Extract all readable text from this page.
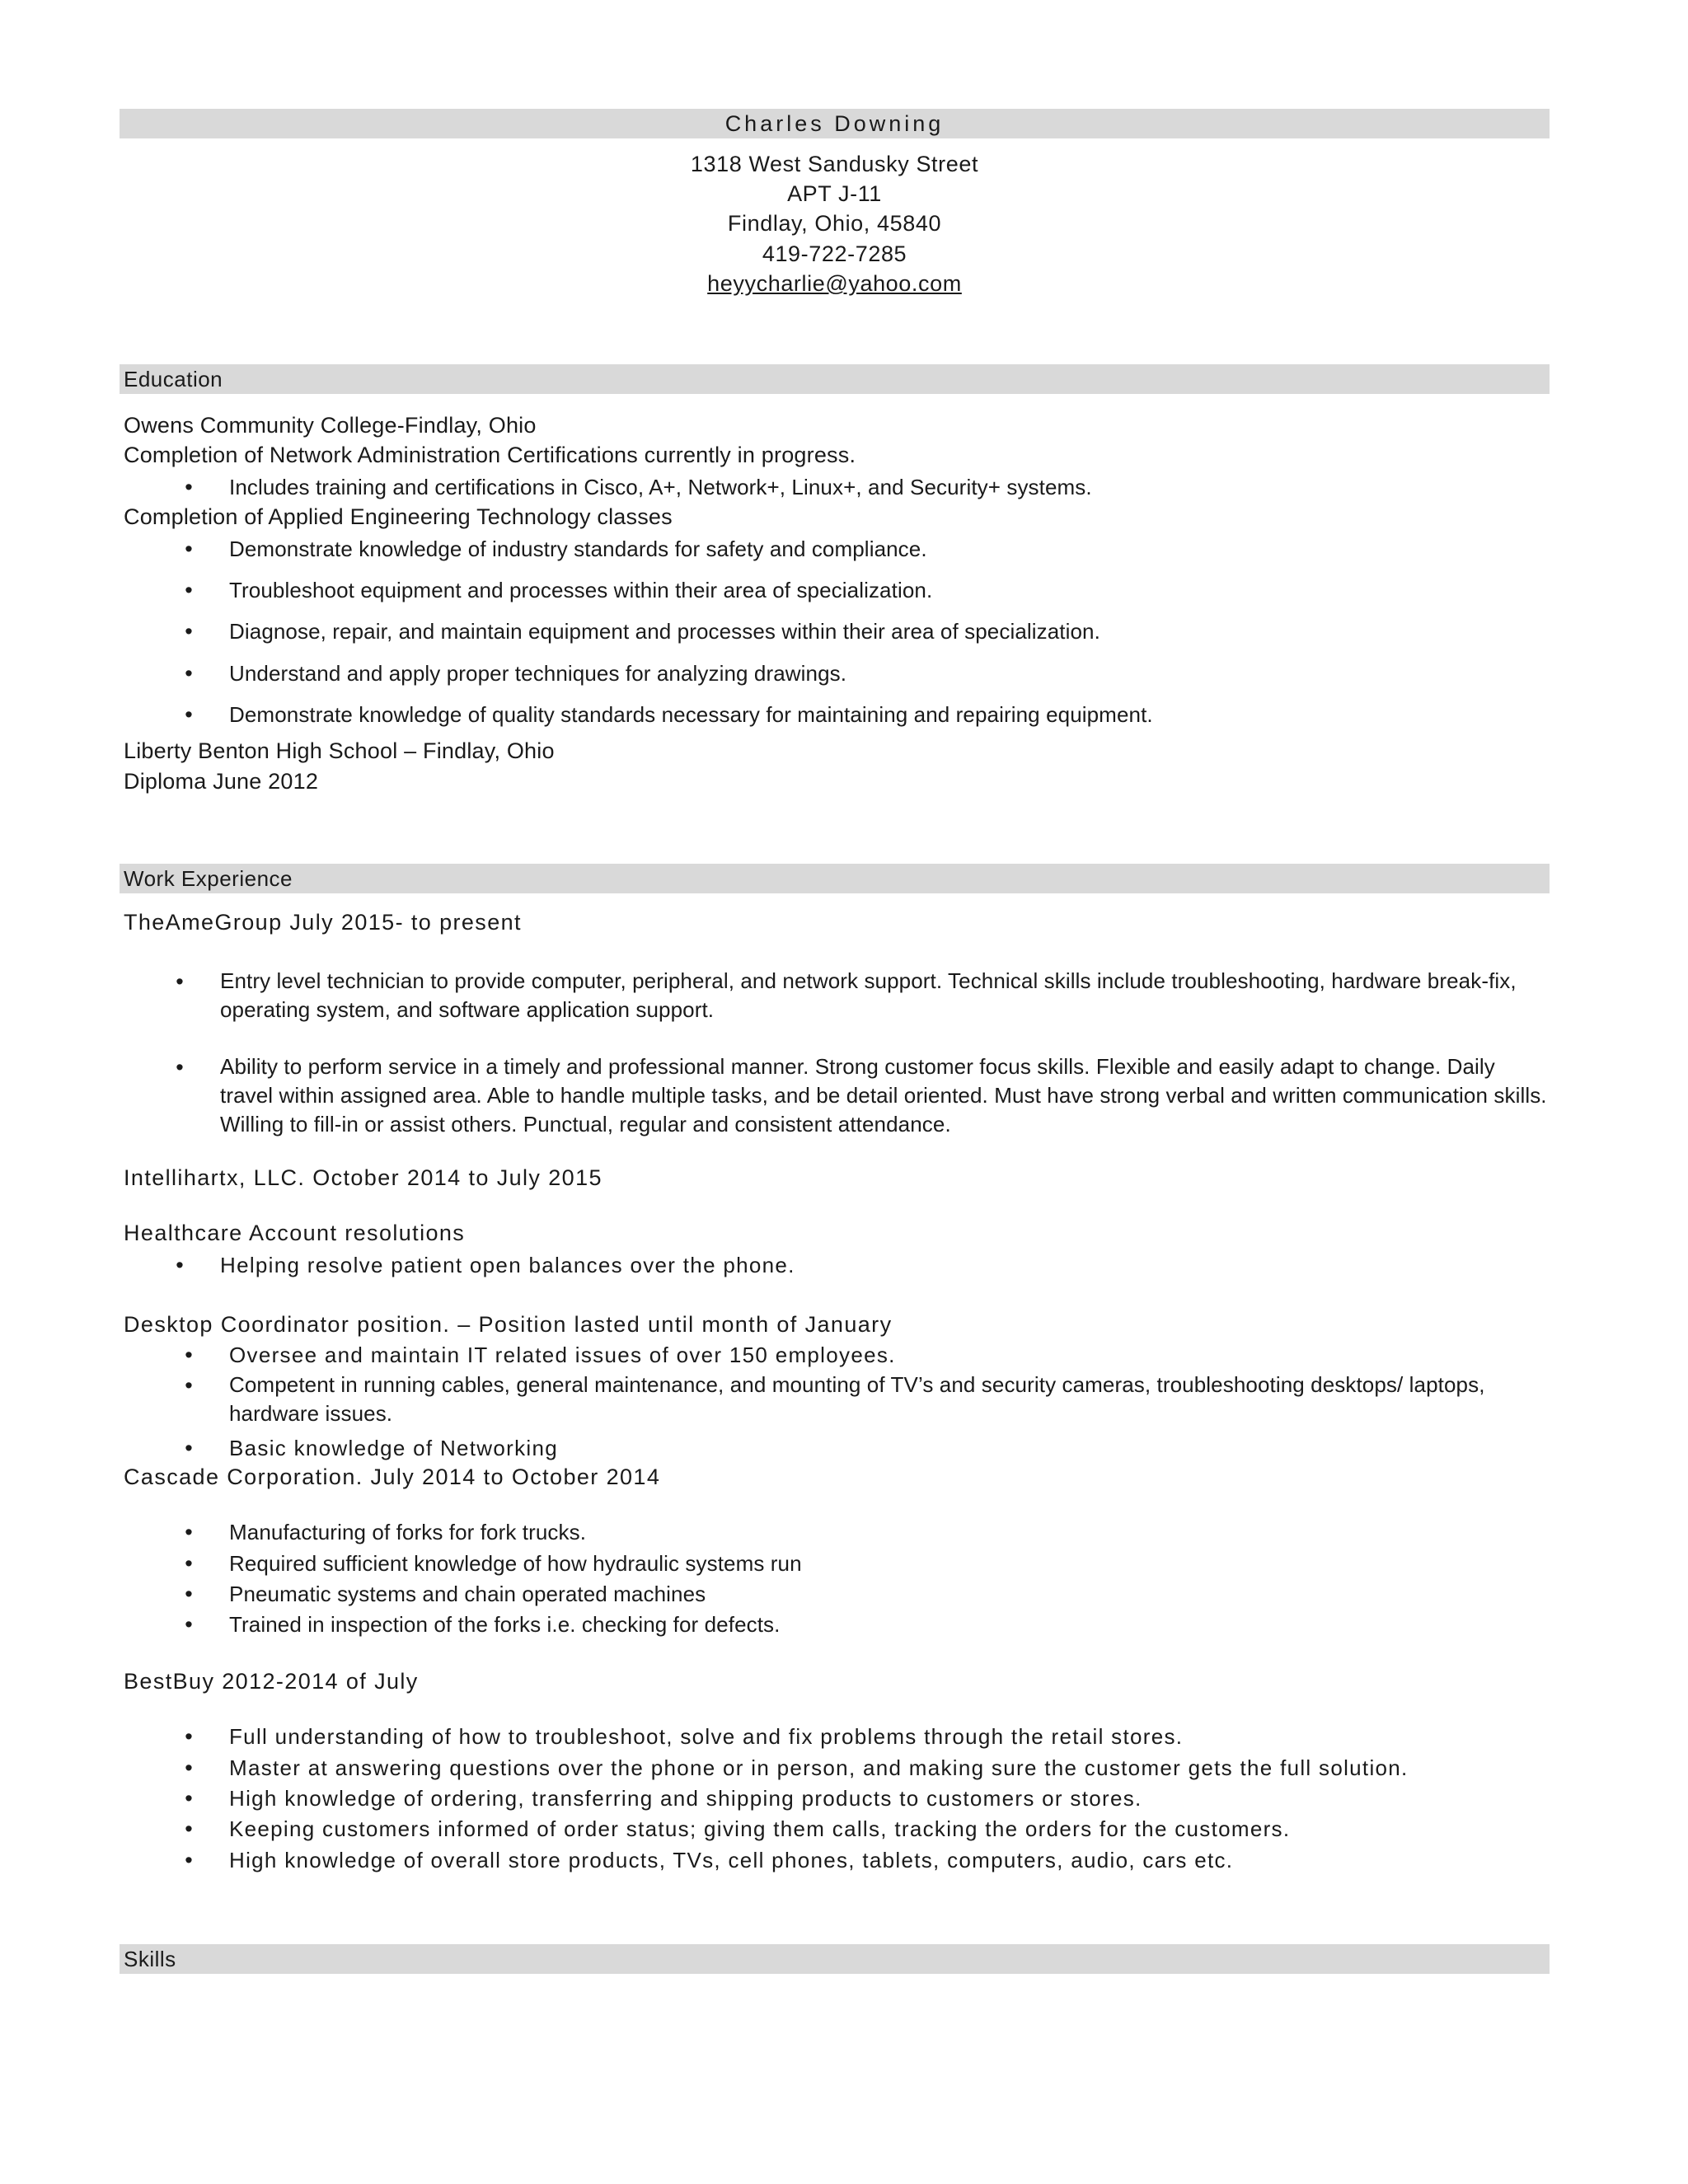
Charles Downing
1318 West Sandusky Street
APT J-11
Findlay, Ohio, 45840
419-722-7285
heyycharlie@yahoo.com
Education
Owens Community College-Findlay, Ohio
Completion of Network Administration Certifications currently in progress.
•	Includes training and certifications in Cisco, A+, Network+, Linux+, and Security+ systems.
Completion of Applied Engineering Technology classes
•	Demonstrate knowledge of industry standards for safety and compliance.
•	Troubleshoot equipment and processes within their area of specialization.
•	Diagnose, repair, and maintain equipment and processes within their area of specialization.
•	Understand and apply proper techniques for analyzing drawings.
•	Demonstrate knowledge of quality standards necessary for maintaining and repairing equipment.
Liberty Benton High School – Findlay, Ohio
Diploma June 2012
Work Experience
TheAmeGroup July 2015- to present
•	Entry level technician to provide computer, peripheral, and network support. Technical skills include troubleshooting, hardware break-fix, operating system, and software application support.
•	Ability to perform service in a timely and professional manner. Strong customer focus skills. Flexible and easily adapt to change. Daily travel within assigned area. Able to handle multiple tasks, and be detail oriented. Must have strong verbal and written communication skills. Willing to fill-in or assist others. Punctual, regular and consistent attendance.
Intellihartx, LLC. October 2014 to July 2015
Healthcare Account resolutions
•	Helping resolve patient open balances over the phone.
Desktop Coordinator position. – Position lasted until month of January
•	Oversee and maintain IT related issues of over 150 employees.
•	Competent in running cables, general maintenance, and mounting of TV’s and security cameras, troubleshooting desktops/ laptops, hardware issues.
•	Basic knowledge of Networking
Cascade Corporation. July 2014 to October 2014
•	Manufacturing of forks for fork trucks.
•	Required sufficient knowledge of how hydraulic systems run
•	Pneumatic systems and chain operated machines
•	Trained in inspection of the forks i.e. checking for defects.
BestBuy 2012-2014 of July
•	Full understanding of how to troubleshoot, solve and fix problems through the retail stores.
•	Master at answering questions over the phone or in person, and making sure the customer gets the full solution.
•	High knowledge of ordering, transferring and shipping products to customers or stores.
•	Keeping customers informed of order status; giving them calls, tracking the orders for the customers.
•	High knowledge of overall store products, TVs, cell phones, tablets, computers, audio, cars etc.
Skills
